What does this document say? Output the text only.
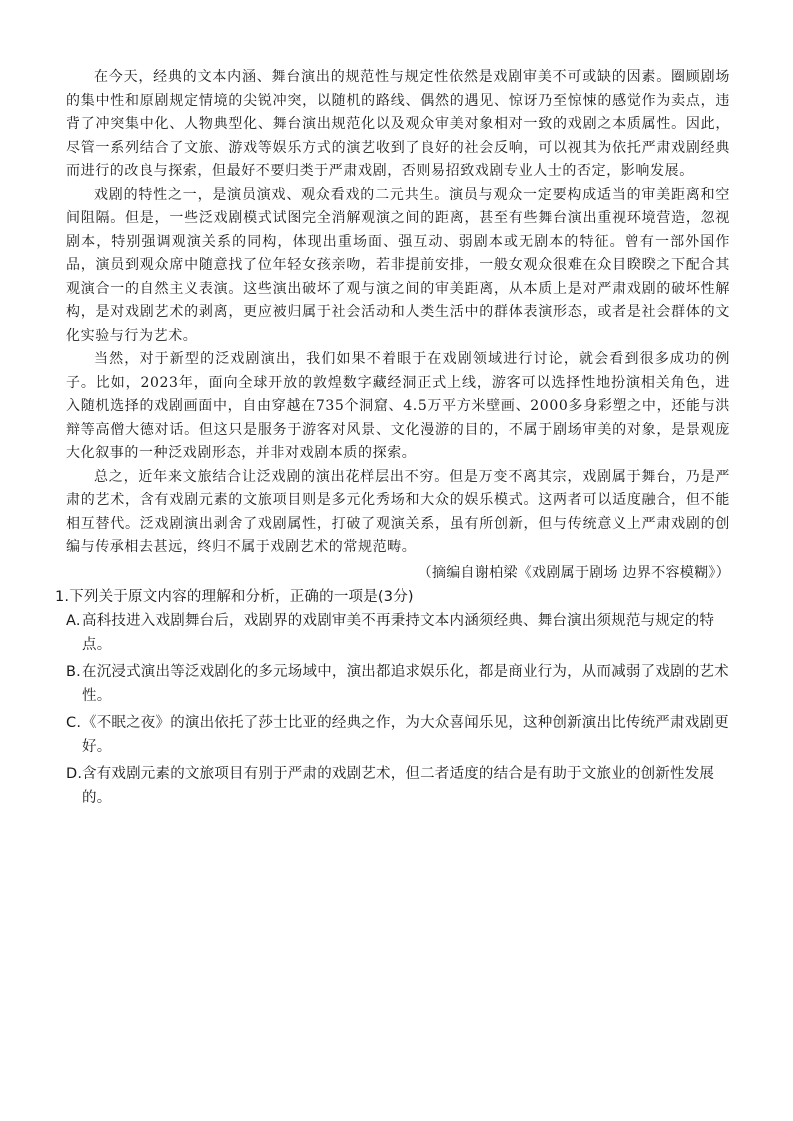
在今天，经典的文本内涵、舞台演出的规范性与规定性依然是戏剧审美不可或缺的因素。圈顾剧场的集中性和原剧规定情境的尖锐冲突，以随机的路线、偶然的遇见、惊讶乃至惊悚的感觉作为卖点，违背了冲突集中化、人物典型化、舞台演出规范化以及观众审美对象相对一致的戏剧之本质属性。因此，尽管一系列结合了文旅、游戏等娱乐方式的演艺收到了良好的社会反响，可以视其为依托严肃戏剧经典而进行的改良与探索，但最好不要归类于严肃戏剧，否则易招致戏剧专业人士的否定，影响发展。

戏剧的特性之一，是演员演戏、观众看戏的二元共生。演员与观众一定要构成适当的审美距离和空间阻隔。但是，一些泛戏剧模式试图完全消解观演之间的距离，甚至有些舞台演出重视环境营造，忽视剧本，特别强调观演关系的同构，体现出重场面、强互动、弱剧本或无剧本的特征。曾有一部外国作品，演员到观众席中随意找了位年轻女孩亲吻，若非提前安排，一般女观众很难在众目睽睽之下配合其观演合一的自然主义表演。这些演出破坏了观与演之间的审美距离，从本质上是对严肃戏剧的破坏性解构，是对戏剧艺术的剥离，更应被归属于社会活动和人类生活中的群体表演形态，或者是社会群体的文化实验与行为艺术。

当然，对于新型的泛戏剧演出，我们如果不着眼于在戏剧领域进行讨论，就会看到很多成功的例子。比如，2023年，面向全球开放的敦煌数字藏经洞正式上线，游客可以选择性地扮演相关角色，进入随机选择的戏剧画面中，自由穿越在735个洞窟、4.5万平方米壁画、2000多身彩塑之中，还能与洪辩等高僧大德对话。但这只是服务于游客对风景、文化漫游的目的，不属于剧场审美的对象，是景观庞大化叙事的一种泛戏剧形态，并非对戏剧本质的探索。

总之，近年来文旅结合让泛戏剧的演出花样层出不穷。但是万变不离其宗，戏剧属于舞台，乃是严肃的艺术，含有戏剧元素的文旅项目则是多元化秀场和大众的娱乐模式。这两者可以适度融合，但不能相互替代。泛戏剧演出剥舍了戏剧属性，打破了观演关系，虽有所创新，但与传统意义上严肃戏剧的创编与传承相去甚远，终归不属于戏剧艺术的常规范畴。

（摘编自谢柏梁《戏剧属于剧场 边界不容模糊》）
1.下列关于原文内容的理解和分析，正确的一项是(3分)
A. 高科技进入戏剧舞台后，戏剧界的戏剧审美不再秉持文本内涵须经典、舞台演出须规范与规定的特点。
B. 在沉浸式演出等泛戏剧化的多元场域中，演出都追求娱乐化，都是商业行为，从而减弱了戏剧的艺术性。
C. 《不眠之夜》的演出依托了莎士比亚的经典之作，为大众喜闻乐见，这种创新演出比传统严肃戏剧更好。
D. 含有戏剧元素的文旅项目有别于严肃的戏剧艺术，但二者适度的结合是有助于文旅业的创新性发展的。
